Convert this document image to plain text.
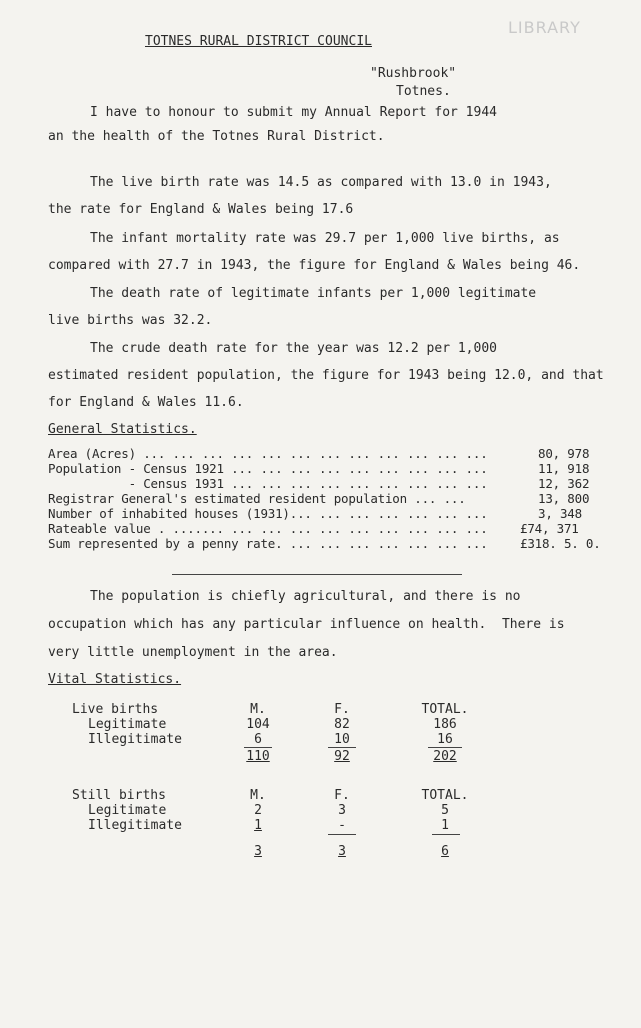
LIBRARY
TOTNES RURAL DISTRICT COUNCIL
"Rushbrook"
Totnes.
I have to honour to submit my Annual Report for 1944
an the health of the Totnes Rural District.
The live birth rate was 14.5 as compared with 13.0 in 1943,
the rate for England & Wales being 17.6
The infant mortality rate was 29.7 per 1,000 live births, as
compared with 27.7 in 1943, the figure for England & Wales being 46.
The death rate of legitimate infants per 1,000 legitimate
live births was 32.2.
The crude death rate for the year was 12.2 per 1,000
estimated resident population, the figure for 1943 being 12.0, and that
for England & Wales 11.6.
General Statistics.
Area (Acres) ... ... ... ... ... ... ... ... ... ... ... ...	80, 978
Population - Census 1921 ... ... ... ... ... ... ... ... ...	11, 918
- Census 1931 ... ... ... ... ... ... ... ... ...	12, 362
Registrar General's estimated resident population ... ...	13, 800
Number of inhabited houses (1931)... ... ... ... ... ... ...	3, 348
Rateable value . ....... ... ... ... ... ... ... ... ... ...	£74, 371
Sum represented by a penny rate. ... ... ... ... ... ... ...	£318. 5. 0.
The population is chiefly agricultural, and there is no
occupation which has any particular influence on health.  There is
very little unemployment in the area.
Vital Statistics.
Live births	M.	F.	TOTAL.
Legitimate	104	82	186
Illegitimate	6	10	16
110	92	202
Still births	M.	F.	TOTAL.
Legitimate	2	3	5
Illegitimate	1	-	1
3	3	6
